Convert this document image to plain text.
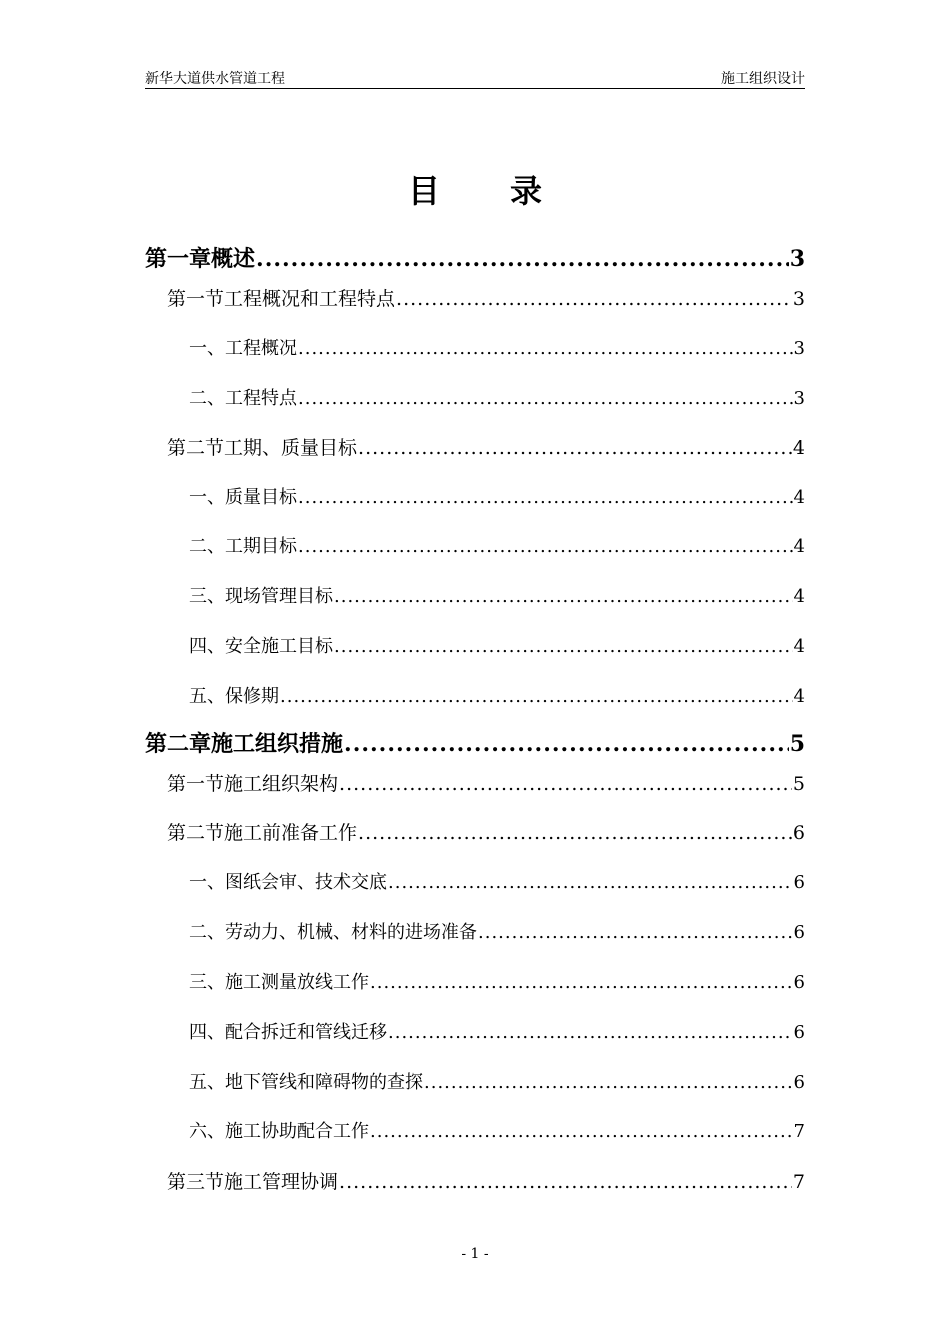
新华大道供水管道工程	施工组织设计
目录
第一章 概述 .....	3
第一节 工程概况和工程特点 .....	3
一、 工程概况 .....	3
二、 工程特点 .....	3
第二节 工期、质量目标 .....	4
一、 质量目标 .....	4
二、 工期目标 .....	4
三、 现场管理目标 .....	4
四、 安全施工目标 .....	4
五、 保修期 .....	4
第二章 施工组织措施 .....	5
第一节 施工组织架构 .....	5
第二节 施工前准备工作 .....	6
一、 图纸会审、技术交底 .....	6
二、 劳动力、机械、材料的进场准备 .....	6
三、 施工测量放线工作 .....	6
四、 配合拆迁和管线迁移 .....	6
五、 地下管线和障碍物的查探 .....	6
六、 施工协助配合工作 .....	7
第三节 施工管理协调 .....	7
- 1 -
